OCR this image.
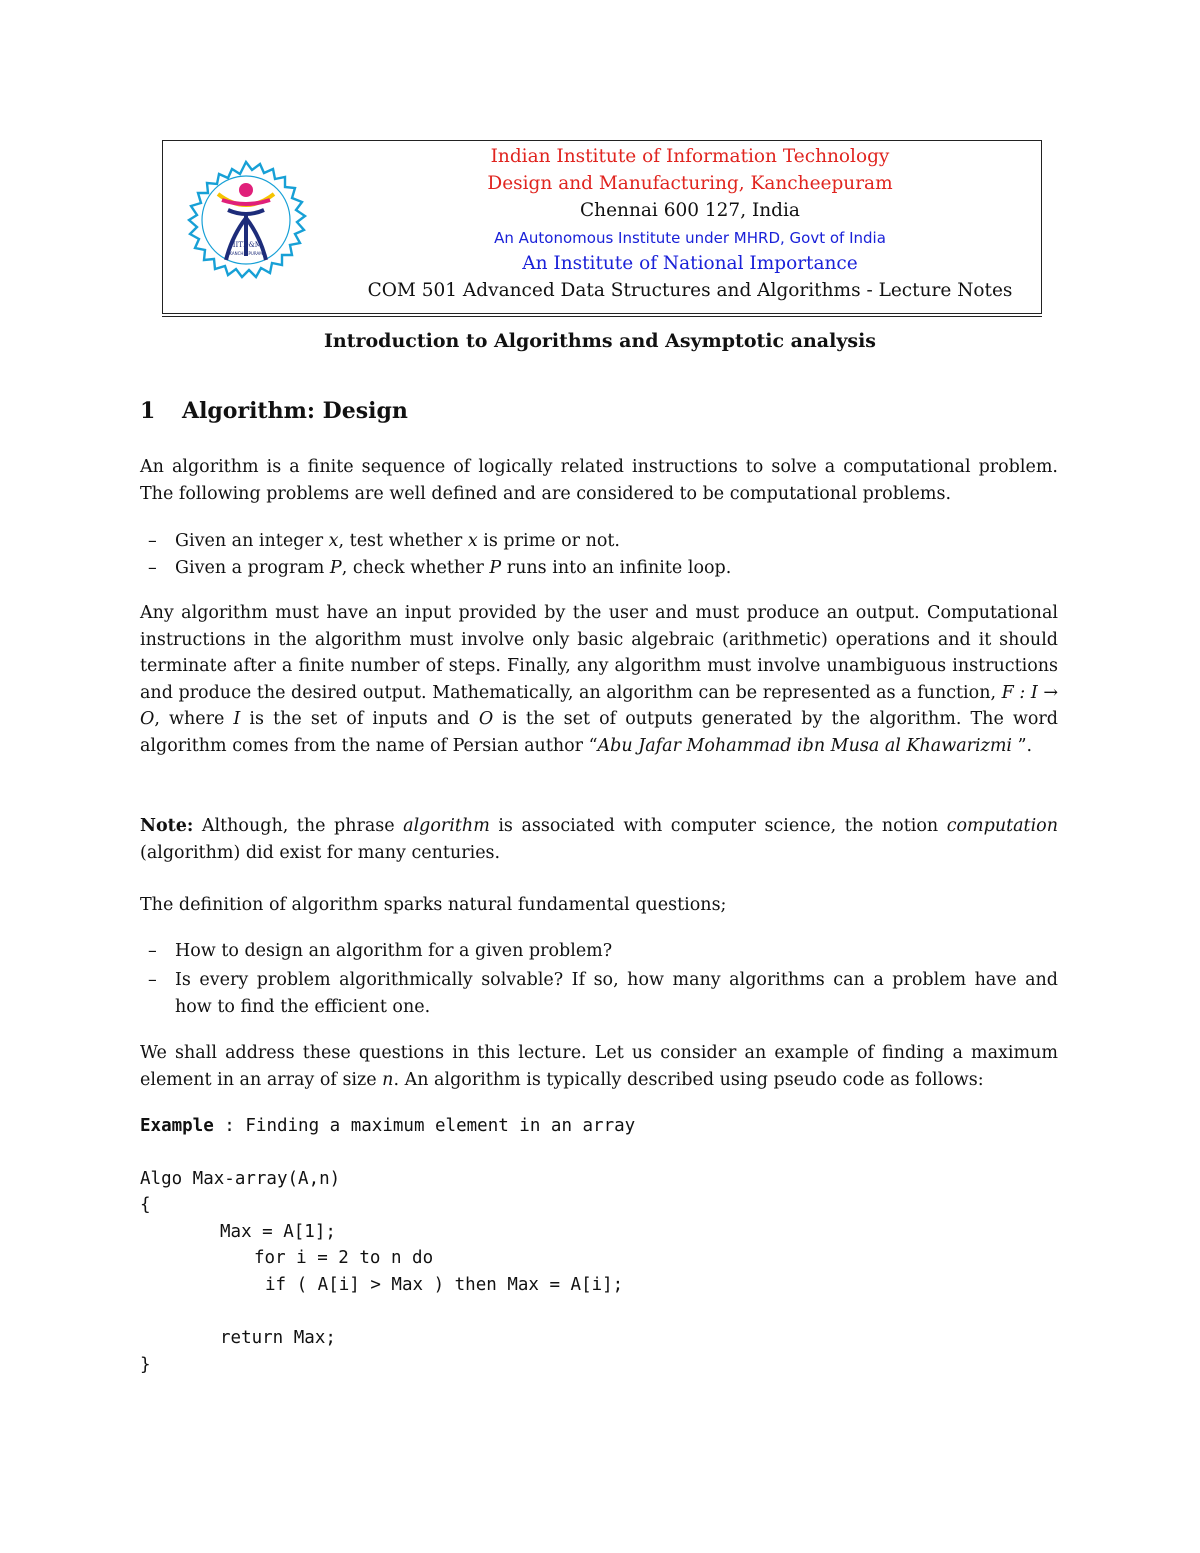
IIITD&M
KANCHEEPURAM
Indian Institute of Information Technology
Design and Manufacturing, Kancheepuram
Chennai 600 127, India
An Autonomous Institute under MHRD, Govt of India
An Institute of National Importance
COM 501 Advanced Data Structures and Algorithms - Lecture Notes
Introduction to Algorithms and Asymptotic analysis
1 Algorithm: Design
An algorithm is a finite sequence of logically related instructions to solve a computational problem. The following problems are well defined and are considered to be computational problems.
– Given an integer x, test whether x is prime or not.
– Given a program P, check whether P runs into an infinite loop.
Any algorithm must have an input provided by the user and must produce an output. Computational instructions in the algorithm must involve only basic algebraic (arithmetic) operations and it should terminate after a finite number of steps. Finally, any algorithm must involve unambiguous instructions and produce the desired output. Mathematically, an algorithm can be represented as a function, F : I → O, where I is the set of inputs and O is the set of outputs generated by the algorithm. The word algorithm comes from the name of Persian author “Abu Jafar Mohammad ibn Musa al Khawarizmi ”.
Note: Although, the phrase algorithm is associated with computer science, the notion computation (algorithm) did exist for many centuries.
The definition of algorithm sparks natural fundamental questions;
– How to design an algorithm for a given problem?
– Is every problem algorithmically solvable? If so, how many algorithms can a problem have and how to find the efficient one.
We shall address these questions in this lecture. Let us consider an example of finding a maximum element in an array of size n. An algorithm is typically described using pseudo code as follows:
Example : Finding a maximum element in an array
Algo Max-array(A,n)
{
Max = A[1];
for i = 2 to n do
if ( A[i] > Max ) then Max = A[i];
return Max;
}
